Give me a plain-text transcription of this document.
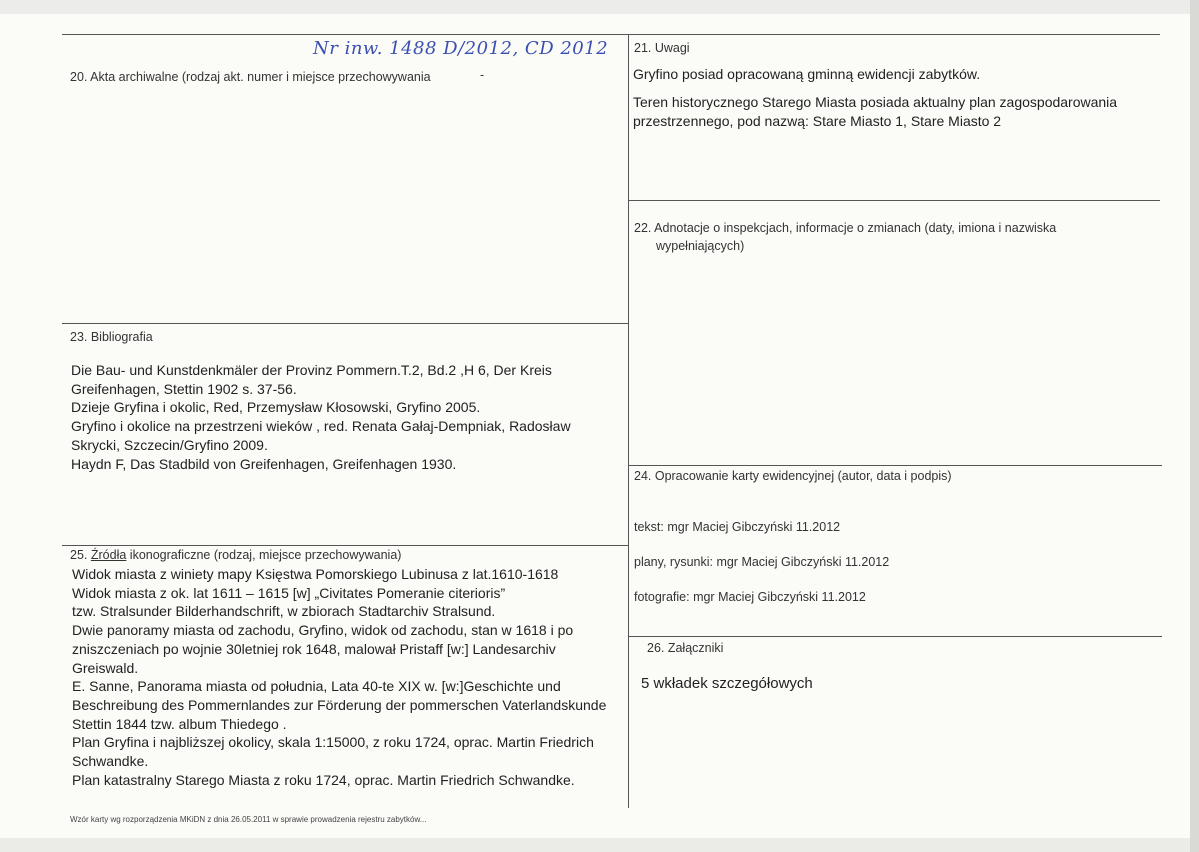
Nr inw. 1488 D/2012, CD 2012
20. Akta archiwalne (rodzaj akt. numer i miejsce przechowywania	-
21. Uwagi
Gryfino posiad opracowaną gminną ewidencji zabytków.
Teren historycznego Starego Miasta posiada aktualny plan zagospodarowania
przestrzennego, pod nazwą: Stare Miasto 1, Stare Miasto 2
22. Adnotacje o inspekcjach, informacje o zmianach (daty, imiona i nazwiska
wypełniających)
23. Bibliografia
Die Bau- und Kunstdenkmäler der Provinz Pommern.T.2, Bd.2 ,H 6, Der Kreis
Greifenhagen, Stettin 1902 s. 37-56.
Dzieje Gryfina i okolic, Red, Przemysław Kłosowski, Gryfino 2005.
Gryfino i okolice na przestrzeni wieków , red. Renata Gałaj-Dempniak, Radosław
Skrycki, Szczecin/Gryfino 2009.
Haydn F, Das Stadbild von Greifenhagen, Greifenhagen 1930.
24. Opracowanie karty ewidencyjnej (autor, data i podpis)
tekst: mgr Maciej Gibczyński 11.2012
plany, rysunki: mgr Maciej Gibczyński 11.2012
fotografie: mgr Maciej Gibczyński 11.2012
25. Źródła ikonograficzne (rodzaj, miejsce przechowywania)
Widok miasta z winiety mapy Księstwa Pomorskiego Lubinusa z lat.1610-1618
Widok miasta z ok. lat 1611 – 1615 [w] „Civitates Pomeranie citerioris”
tzw. Stralsunder Bilderhandschrift, w zbiorach Stadtarchiv Stralsund.
Dwie panoramy miasta od zachodu, Gryfino, widok od zachodu, stan w 1618 i po
zniszczeniach po wojnie 30letniej rok 1648, malował Pristaff [w:] Landesarchiv
Greiswald.
E. Sanne, Panorama miasta od południa, Lata 40-te XIX w. [w:]Geschichte und
Beschreibung des Pommernlandes zur Förderung der pommerschen Vaterlandskunde
Stettin 1844 tzw. album Thiedego .
Plan Gryfina i najbliższej okolicy, skala 1:15000, z roku 1724, oprac. Martin Friedrich
Schwandke.
Plan katastralny Starego Miasta z roku 1724, oprac. Martin Friedrich Schwandke.
26. Załączniki
5 wkładek szczegółowych
Wzór karty wg rozporządzenia MKiDN z dnia 26.05.2011 w sprawie prowadzenia rejestru zabytków...
